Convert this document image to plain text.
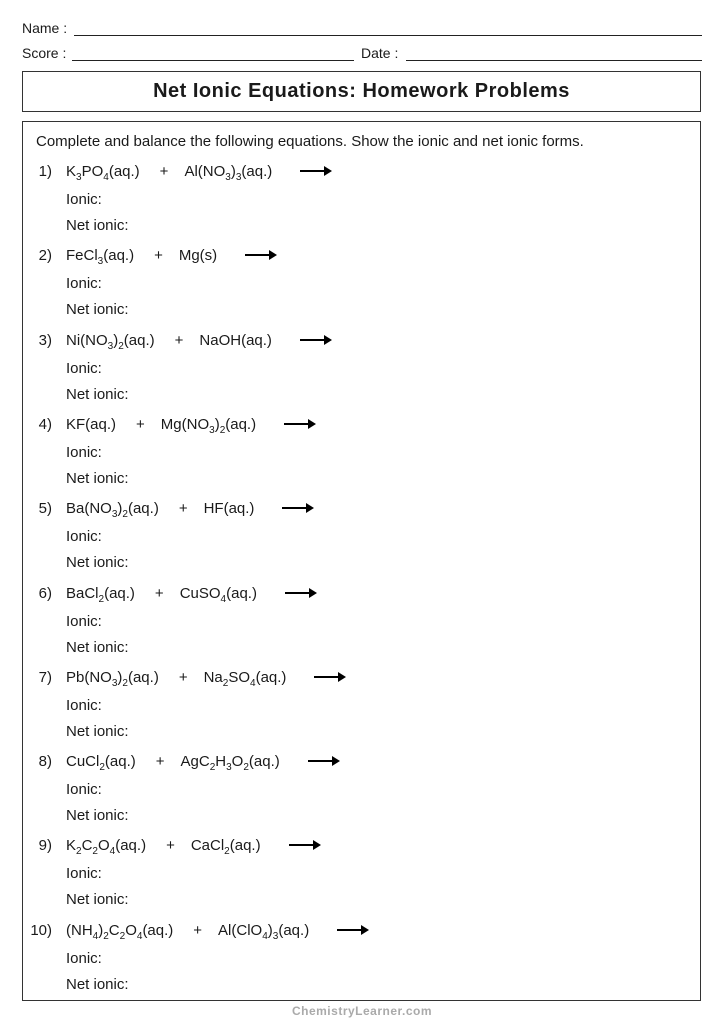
Name :
Score :	Date :
Net Ionic Equations: Homework Problems
Complete and balance the following equations. Show the ionic and net ionic forms.
1) $K_3PO_4(aq.) + Al(NO_3)_3(aq.)$
Ionic:
Net ionic:
2) FeCl$_3$(aq.) + Mg(s)
Ionic:
Net ionic:
3) $Ni(NO_3)_2(aq.)$ + NaOH(aq.)
Ionic:
Net ionic:
4) $KF(aq.) + Mg(NO_3)_2(aq.)$
Ionic:
Net ionic:
5) $Ba(NO_3)_2(aq.) + HF(aq.)$
Ionic:
Net ionic:
6) BaCl$_2$(aq.) + CuSO$_4$(aq.)
Ionic:
Net ionic:
7) $Pb(NO_3)_2(aq.) + Na_2SO_4(aq.)$
Ionic:
Net ionic:
8) CuCl$_2$(aq.) + $AgC_2H_3O_2(aq.)$
Ionic:
Net ionic:
9) $K_2C_2O_4(aq.)$ + CaCl$_2$(aq.)
Ionic:
Net ionic:
10) $(NH_4)_2C_2O_4(aq.) + Al(ClO_4)_3(aq.)$
Ionic:
Net ionic:
ChemistryLearner.com
